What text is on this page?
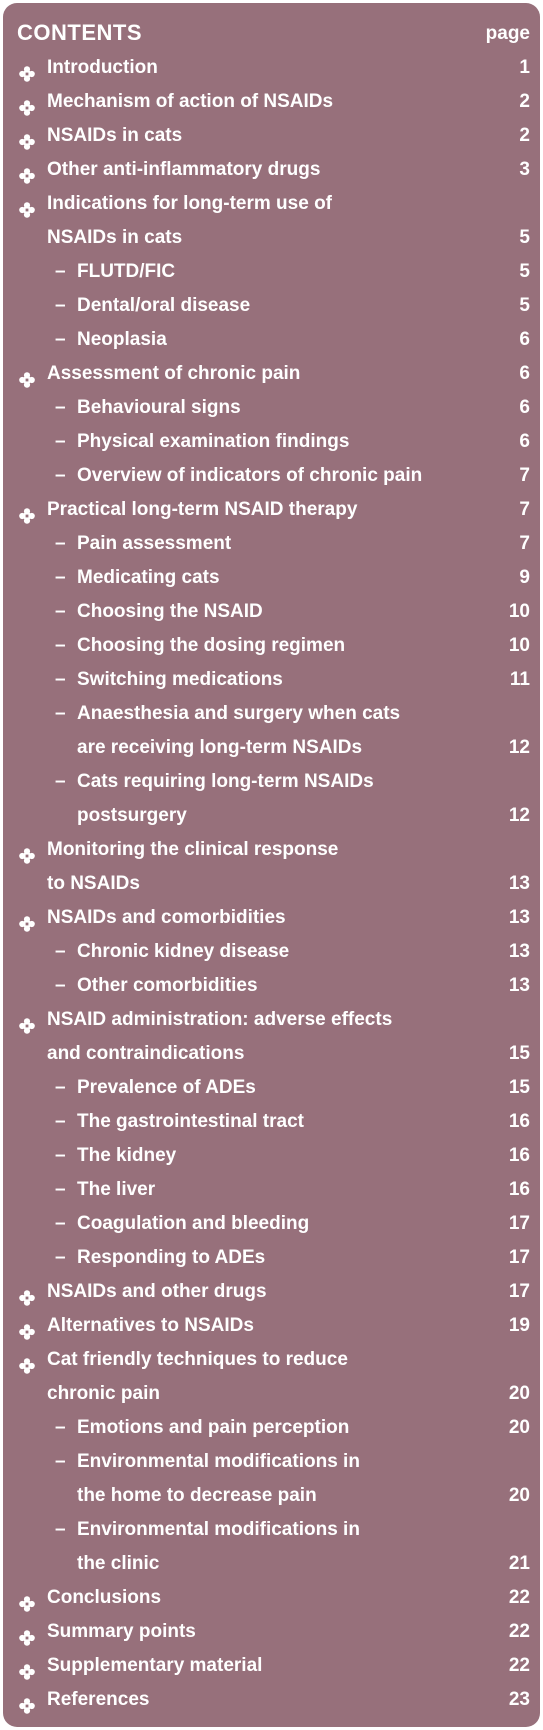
CONTENTS	page
Introduction	1
Mechanism of action of NSAIDs	2
NSAIDs in cats	2
Other anti-inflammatory drugs	3
Indications for long-term use of
NSAIDs in cats	5
– FLUTD/FIC	5
– Dental/oral disease	5
– Neoplasia	6
Assessment of chronic pain	6
– Behavioural signs	6
– Physical examination findings	6
– Overview of indicators of chronic pain	7
Practical long-term NSAID therapy	7
– Pain assessment	7
– Medicating cats	9
– Choosing the NSAID	10
– Choosing the dosing regimen	10
– Switching medications	11
– Anaesthesia and surgery when cats
are receiving long-term NSAIDs	12
– Cats requiring long-term NSAIDs
postsurgery	12
Monitoring the clinical response
to NSAIDs	13
NSAIDs and comorbidities	13
– Chronic kidney disease	13
– Other comorbidities	13
NSAID administration: adverse effects
and contraindications	15
– Prevalence of ADEs	15
– The gastrointestinal tract	16
– The kidney	16
– The liver	16
– Coagulation and bleeding	17
– Responding to ADEs	17
NSAIDs and other drugs	17
Alternatives to NSAIDs	19
Cat friendly techniques to reduce
chronic pain	20
– Emotions and pain perception	20
– Environmental modifications in
the home to decrease pain	20
– Environmental modifications in
the clinic	21
Conclusions	22
Summary points	22
Supplementary material	22
References	23
